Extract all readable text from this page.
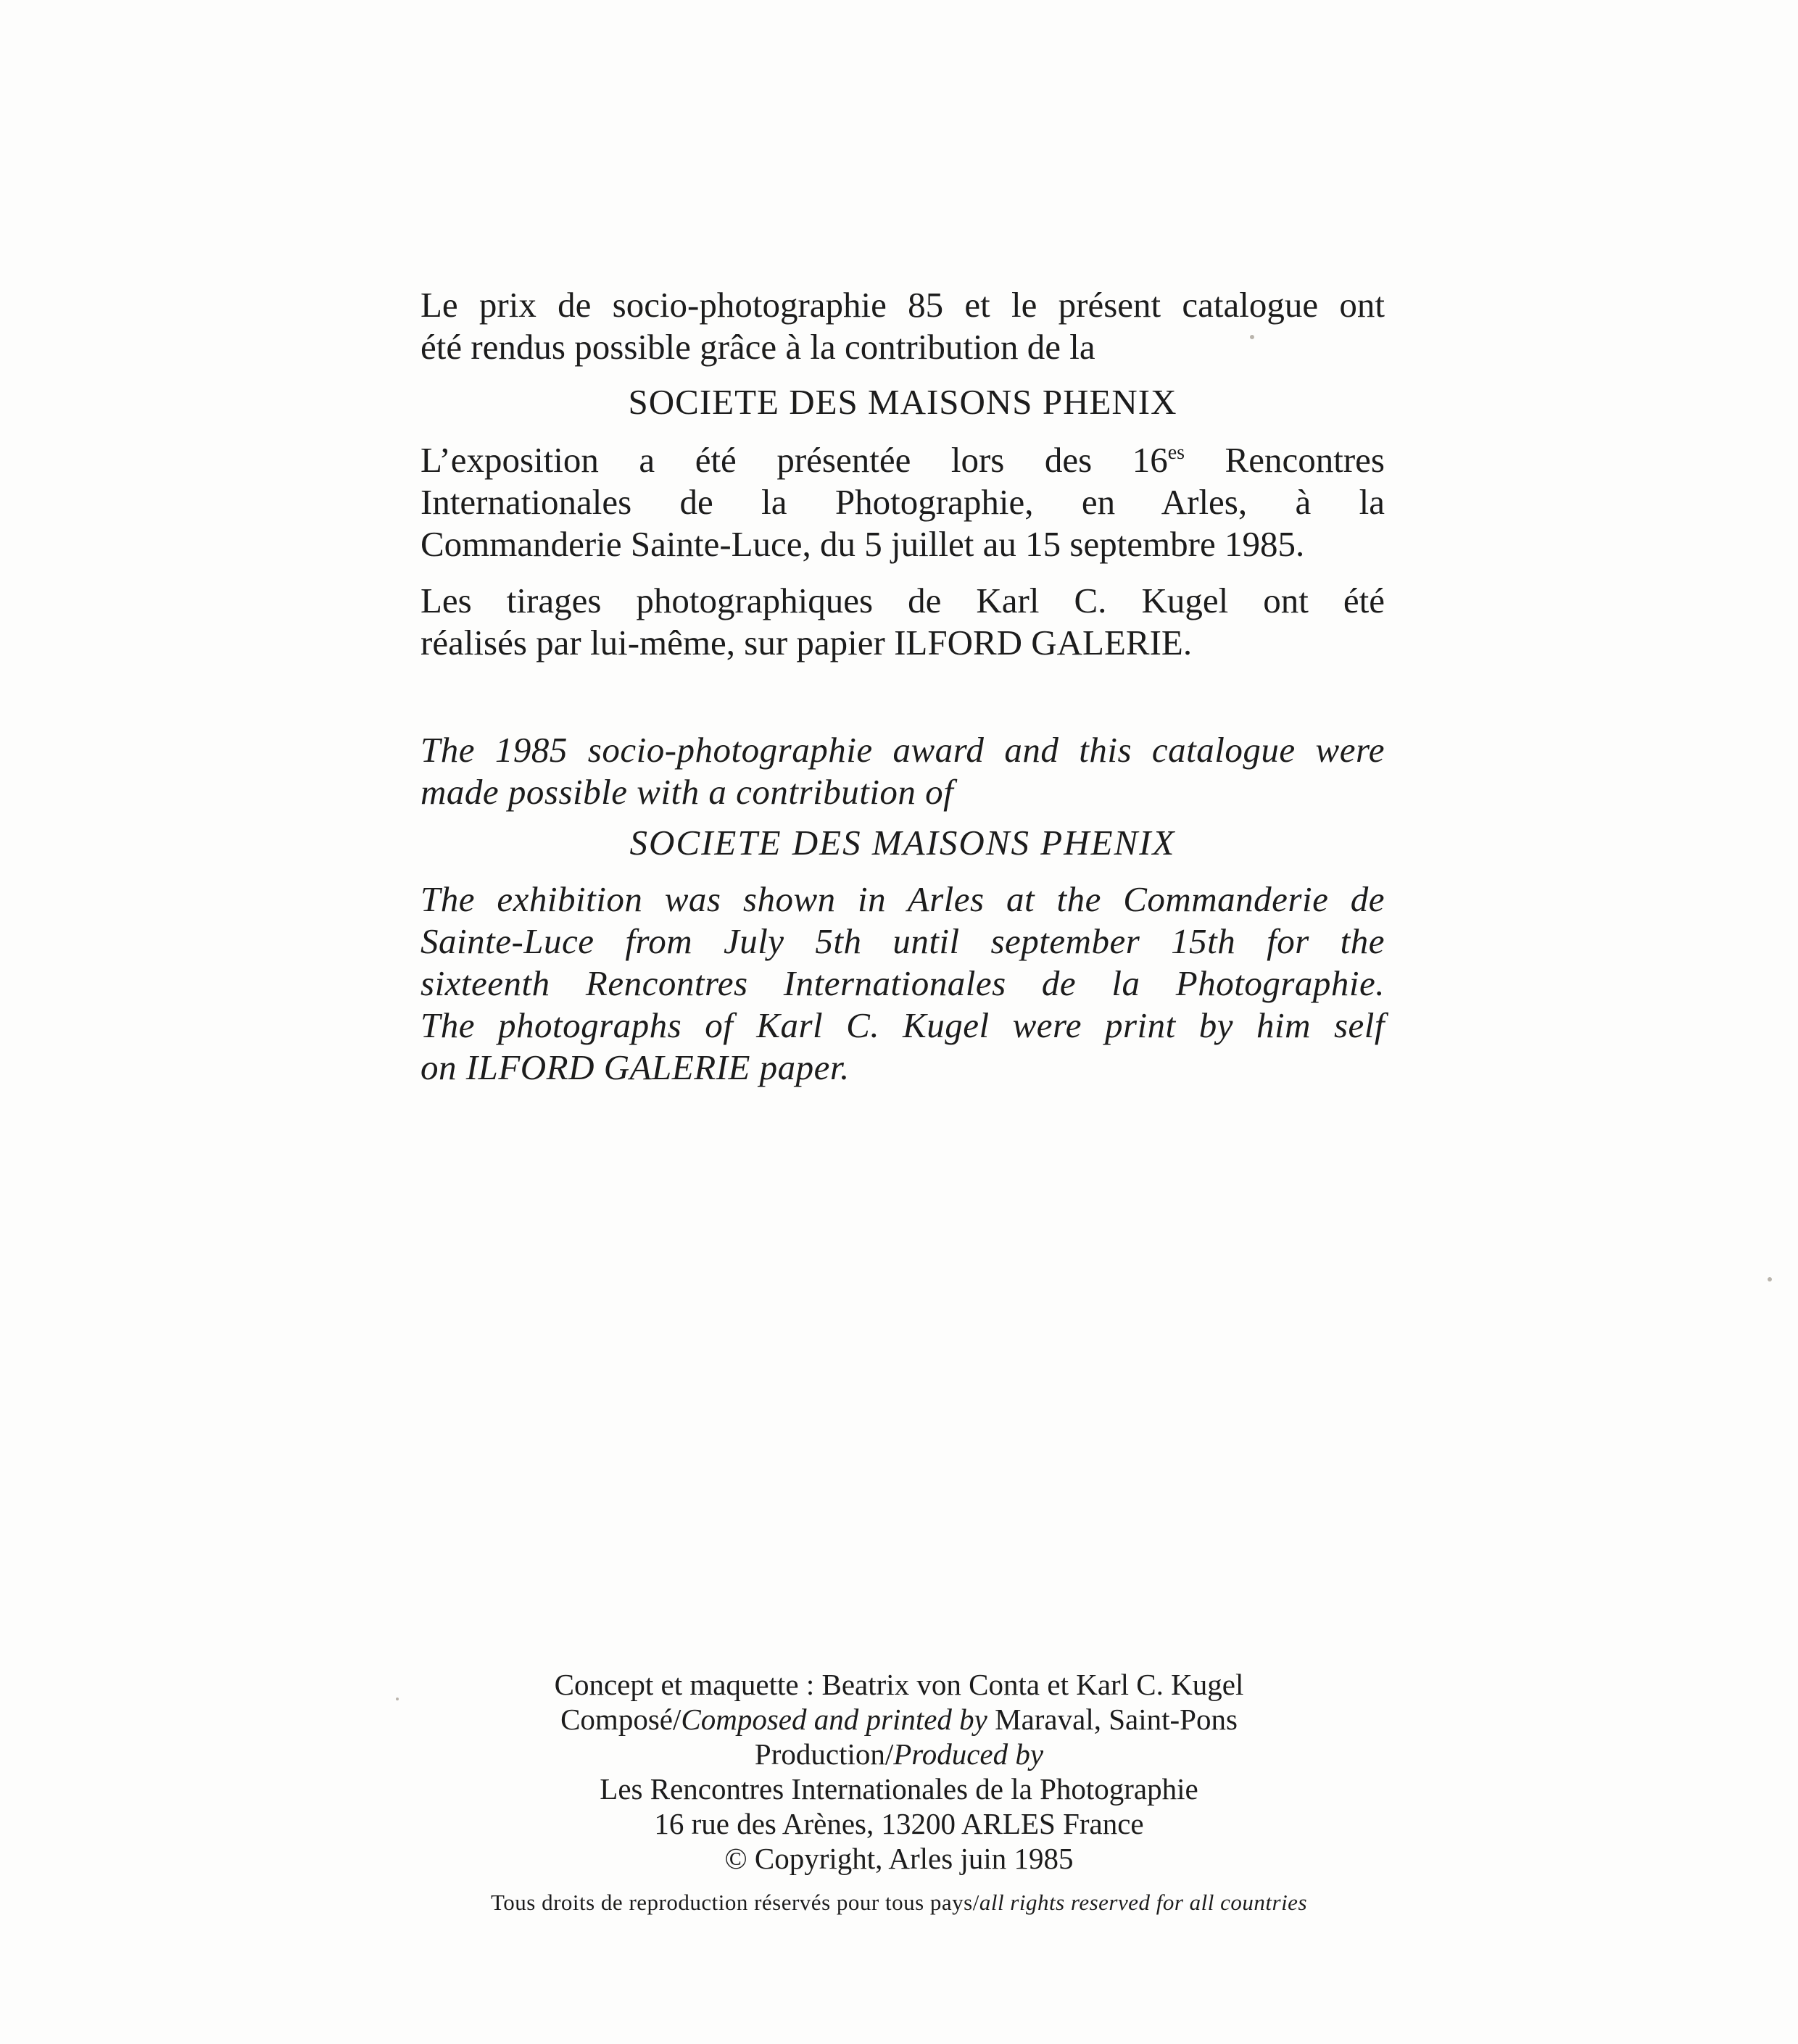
Le prix de socio-photographie 85 et le présent catalogue ont
été rendus possible grâce à la contribution de la

SOCIETE DES MAISONS PHENIX

L’exposition a été présentée lors des $16^{es}$ Rencontres
Internationales de la Photographie, en Arles, à la
Commanderie Sainte-Luce, du 5 juillet au 15 septembre 1985.

Les tirages photographiques de Karl C. Kugel ont été
réalisés par lui-même, sur papier ILFORD GALERIE.

The 1985 socio-photographie award and this catalogue were
made possible with a contribution of

SOCIETE DES MAISONS PHENIX

The exhibition was shown in Arles at the Commanderie de
Sainte-Luce from July 5th until september 15th for the
sixteenth Rencontres Internationales de la Photographie.
The photographs of Karl C. Kugel were print by him self
on ILFORD GALERIE paper.

Concept et maquette : Beatrix von Conta et Karl C. Kugel
Composé/Composed and printed by Maraval, Saint-Pons
Production/Produced by
Les Rencontres Internationales de la Photographie
16 rue des Arènes, 13200 ARLES France
© Copyright, Arles juin 1985
Tous droits de reproduction réservés pour tous pays/all rights reserved for all countries
